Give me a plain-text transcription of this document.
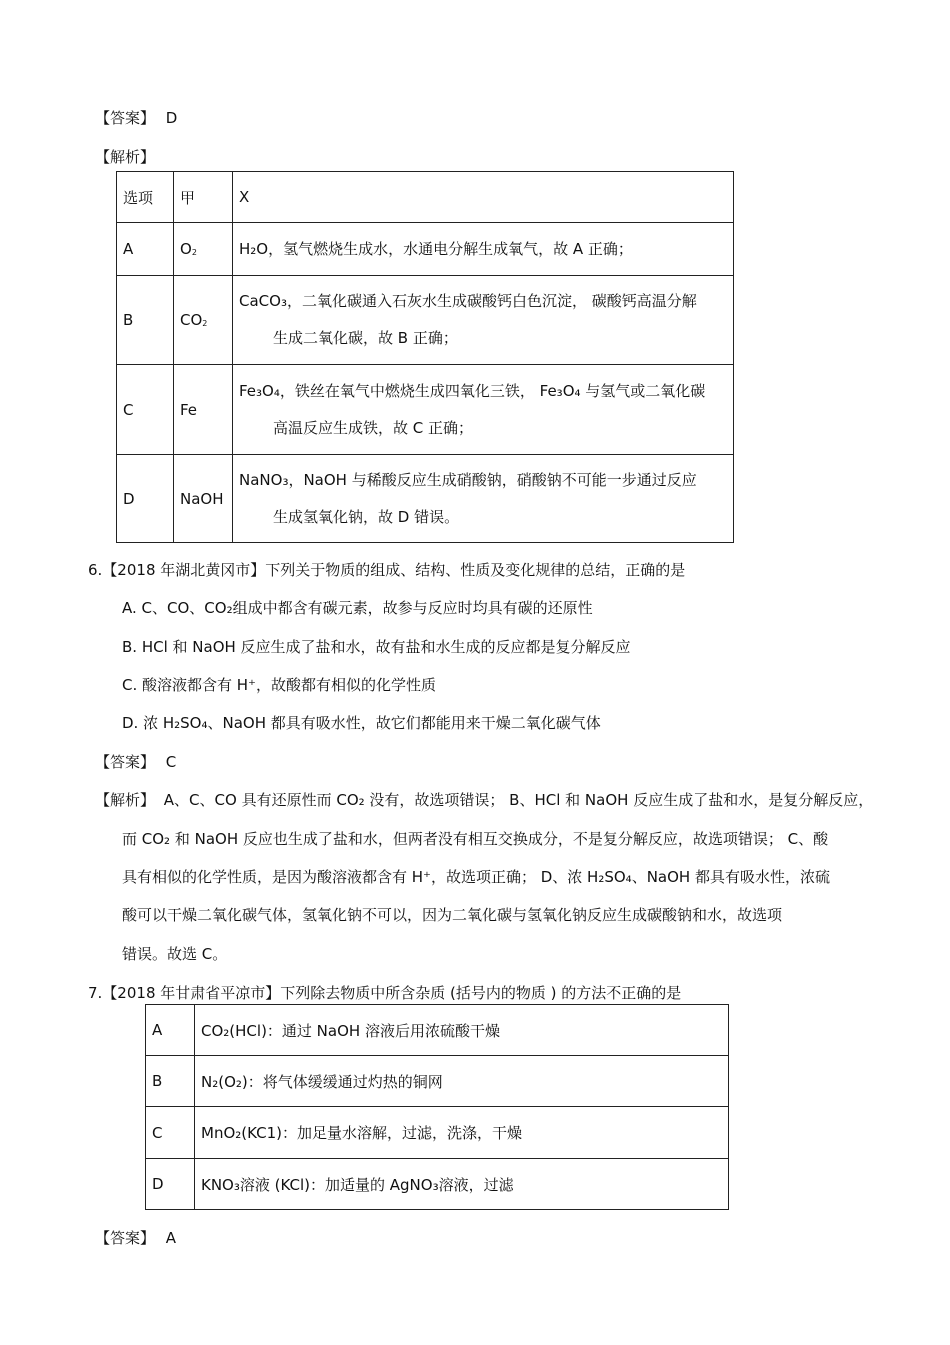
【答案】 D
【解析】
选项	甲	X
A	$O_2$	H₂O，氢气燃烧生成水，水通电分解生成氧气，故 A 正确；

B	$CO_2$	CaCO₃，二氧化碳通入石灰水生成碳酸钙白色沉淀， 碳酸钙高温分解
生成二氧化碳，故 B 正确；

C	Fe	Fe₃O₄，铁丝在氧气中燃烧生成四氧化三铁， Fe₃O₄ 与氢气或二氧化碳
高温反应生成铁，故 C 正确；

D	NaOH	NaNO₃，NaOH 与稀酸反应生成硝酸钠，硝酸钠不可能一步通过反应
生成氢氧化钠，故 D 错误。
6.【2018 年湖北黄冈市】下列关于物质的组成、结构、性质及变化规律的总结，正确的是
A. C、CO、CO₂组成中都含有碳元素，故参与反应时均具有碳的还原性
B. HCl 和 NaOH 反应生成了盐和水，故有盐和水生成的反应都是复分解反应
C. 酸溶液都含有 H⁺，故酸都有相似的化学性质
D. 浓 H₂SO₄、NaOH 都具有吸水性，故它们都能用来干燥二氧化碳气体
【答案】 C
【解析】 A、C、CO 具有还原性而 CO₂ 没有，故选项错误； B、HCl 和 NaOH 反应生成了盐和水，是复分解反应，
而 CO₂ 和 NaOH 反应也生成了盐和水，但两者没有相互交换成分，不是复分解反应，故选项错误； C、酸
具有相似的化学性质，是因为酸溶液都含有 H⁺，故选项正确； D、浓 H₂SO₄、NaOH 都具有吸水性，浓硫
酸可以干燥二氧化碳气体，氢氧化钠不可以，因为二氧化碳与氢氧化钠反应生成碳酸钠和水，故选项
错误。故选 C。
7.【2018 年甘肃省平凉市】下列除去物质中所含杂质 (括号内的物质 ) 的方法不正确的是
A	CO₂(HCl)：通过 NaOH 溶液后用浓硫酸干燥
B	N₂(O₂)：将气体缓缓通过灼热的铜网
C	MnO₂(KC1)：加足量水溶解，过滤，洗涤，干燥
D	KNO₃溶液 (KCl)：加适量的 AgNO₃溶液，过滤
【答案】 A
